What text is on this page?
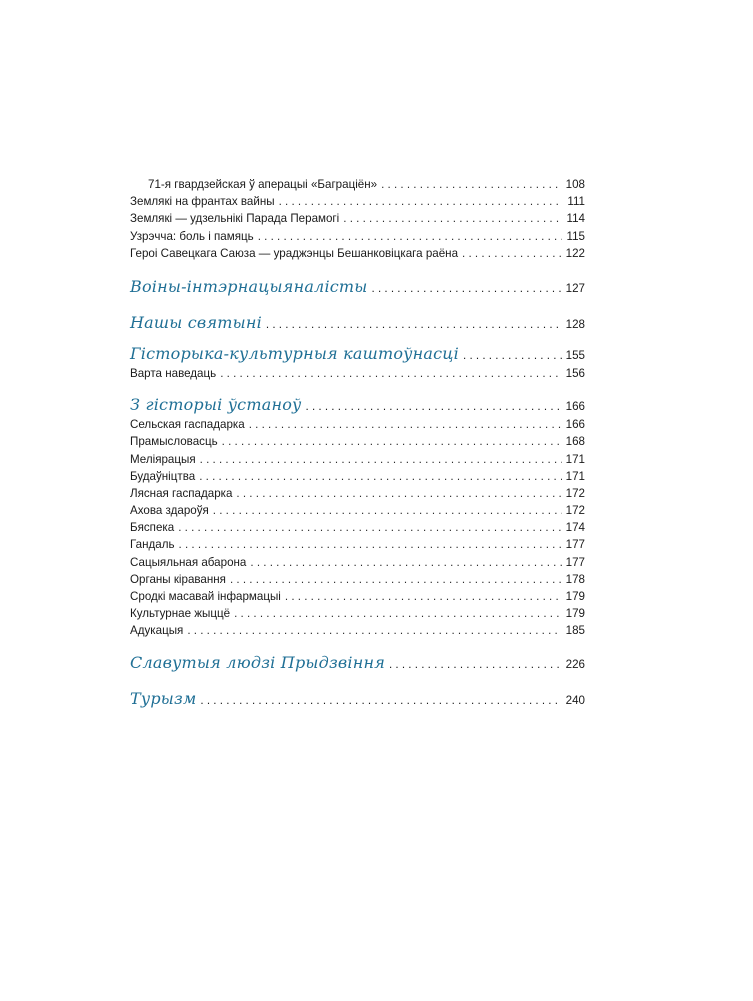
71-я гвардзейская ў аперацыі «Баграціён» . . .	108
Землякі на франтах вайны . . .	111
Землякі — удзельнікі Парада Перамогі . . .	114
Узрэчча: боль і памяць . . .	115
Героі Савецкага Саюза — ураджэнцы Бешанковіцкага раёна . . .	122
Воіны-інтэрнацыяналісты . . .	127
Нашы святыні . . .	128
Гісторыка-культурныя каштоўнасці . . .	155
Варта наведаць . . .	156
З гісторыі ўстаноў . . .	166
Сельская гаспадарка . . .	166
Прамысловасць . . .	168
Меліярацыя . . .	171
Будаўніцтва . . .	171
Лясная гаспадарка . . .	172
Ахова здароўя . . .	172
Бяспека . . .	174
Гандаль . . .	177
Сацыяльная абарона . . .	177
Органы кіравання . . .	178
Сродкі масавай інфармацыі . . .	179
Культурнае жыццё . . .	179
Адукацыя . . .	185
Славутыя людзі Прыдзвіння . . .	226
Турызм . . .	240
